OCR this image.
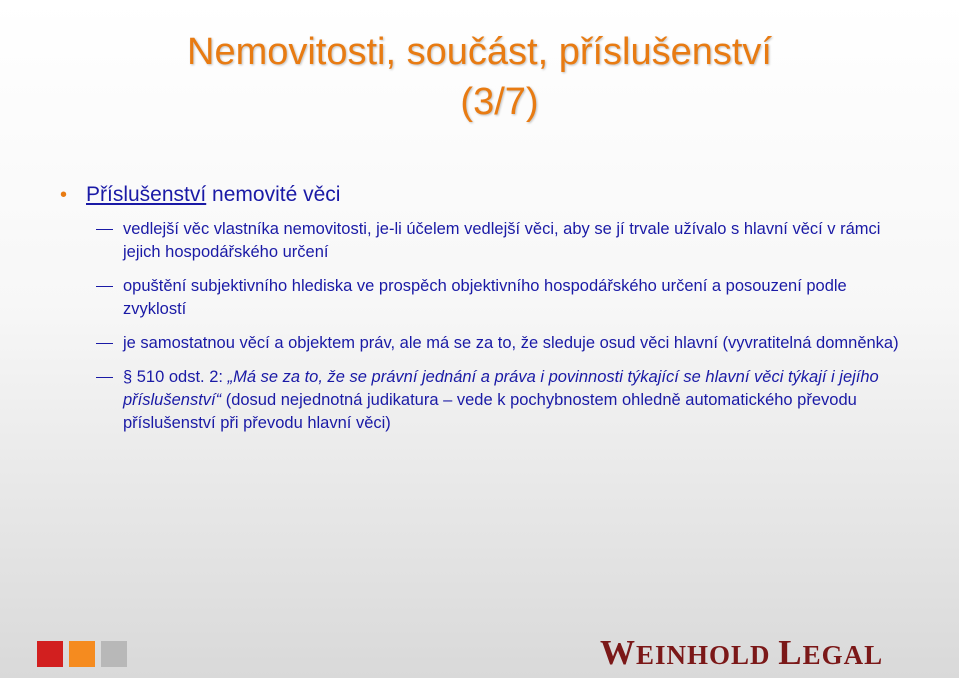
Nemovitosti, součást, příslušenství
(3/7)
• Příslušenství nemovité věci
vedlejší věc vlastníka nemovitosti, je-li účelem vedlejší věci, aby se jí trvale užívalo s hlavní věcí v rámci jejich hospodářského určení
opuštění subjektivního hlediska ve prospěch objektivního hospodářského určení a posouzení podle zvyklostí
je samostatnou věcí a objektem práv, ale má se za to, že sleduje osud věci hlavní (vyvratitelná domněnka)
§ 510 odst. 2: „Má se za to, že se právní jednání a práva i povinnosti týkající se hlavní věci týkají i jejího příslušenství“ (dosud nejednotná judikatura – vede k pochybnostem ohledně automatického převodu příslušenství při převodu hlavní věci)
WEINHOLD LEGAL
